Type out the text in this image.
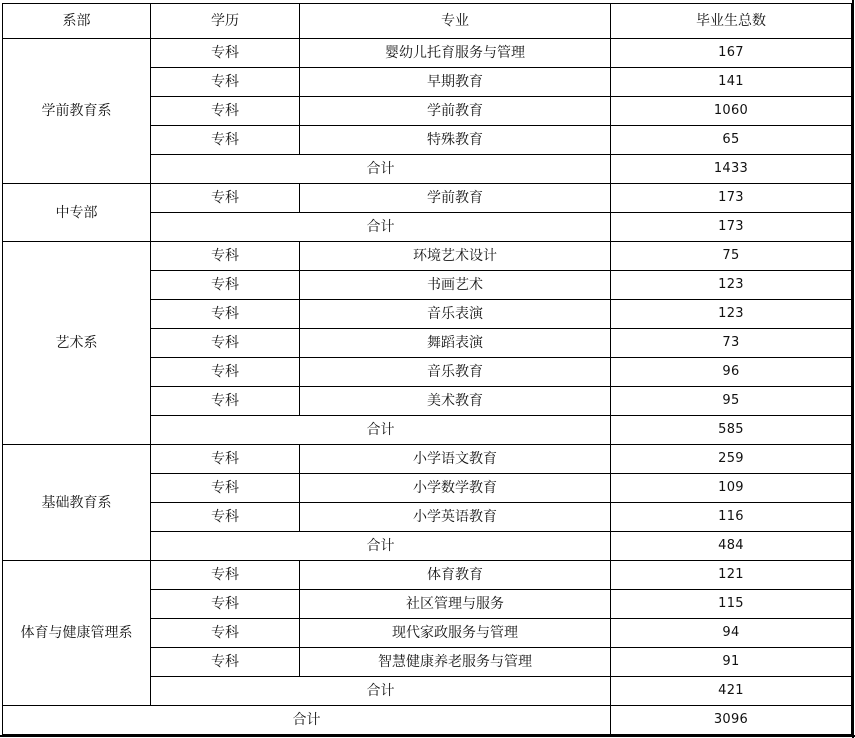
系部	学历	专业	毕业生总数
学前教育系	专科	婴幼儿托育服务与管理	167
	专科	早期教育	141
	专科	学前教育	1060
	专科	特殊教育	65
	合计		1433
中专部	专科	学前教育	173
	合计		173
艺术系	专科	环境艺术设计	75
	专科	书画艺术	123
	专科	音乐表演	123
	专科	舞蹈表演	73
	专科	音乐教育	96
	专科	美术教育	95
	合计		585
基础教育系	专科	小学语文教育	259
	专科	小学数学教育	109
	专科	小学英语教育	116
	合计		484
体育与健康管理系	专科	体育教育	121
	专科	社区管理与服务	115
	专科	现代家政服务与管理	94
	专科	智慧健康养老服务与管理	91
	合计		421
合计			3096
